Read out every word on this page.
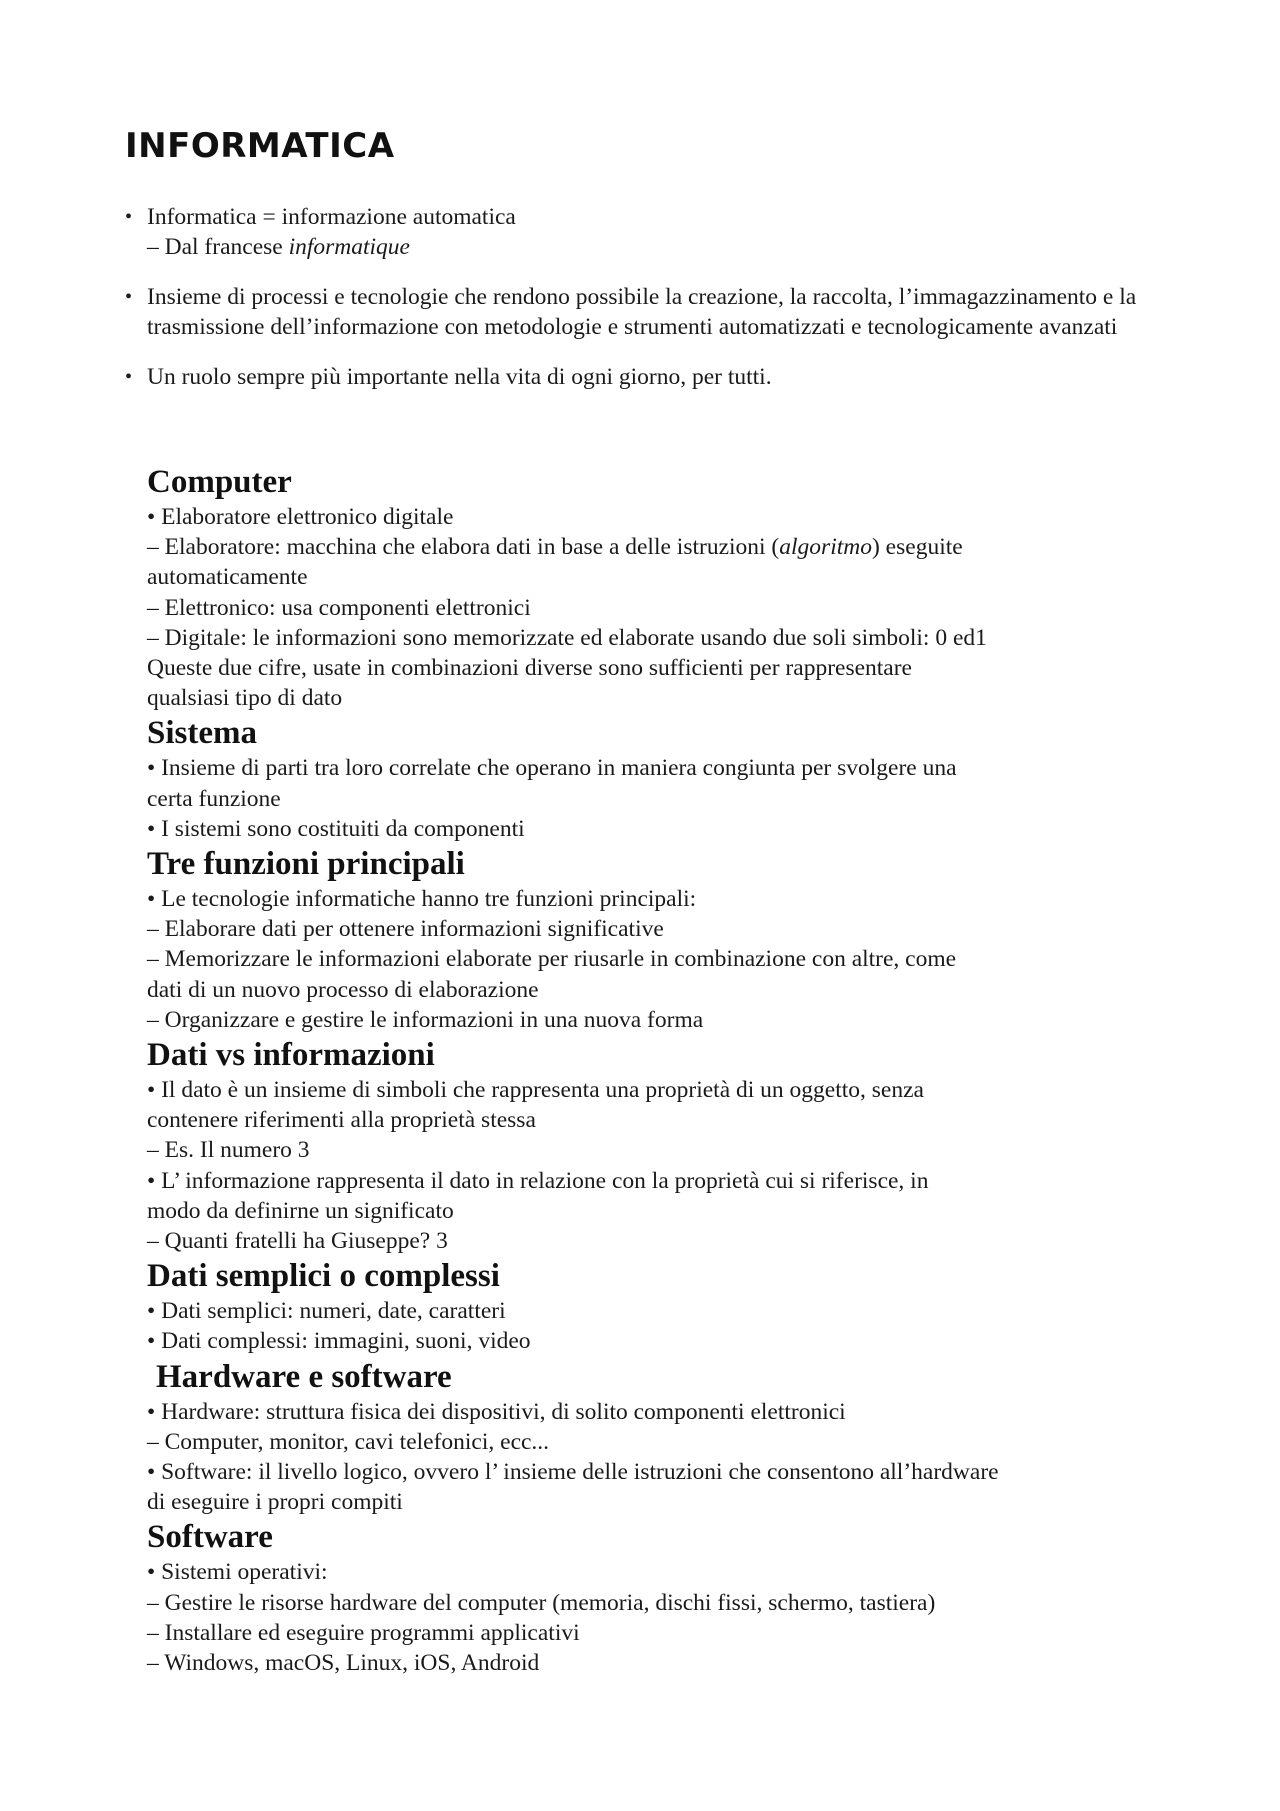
INFORMATICA
• Informatica = informazione automatica
– Dal francese informatique
• Insieme di processi e tecnologie che rendono possibile la creazione, la raccolta, l’immagazzinamento e la trasmissione dell’informazione con metodologie e strumenti automatizzati e tecnologicamente avanzati
• Un ruolo sempre più importante nella vita di ogni giorno, per tutti.
Computer
• Elaboratore elettronico digitale
– Elaboratore: macchina che elabora dati in base a delle istruzioni (algoritmo) eseguite
automaticamente
– Elettronico: usa componenti elettronici
– Digitale: le informazioni sono memorizzate ed elaborate usando due soli simboli: 0 ed1
Queste due cifre, usate in combinazioni diverse sono sufficienti per rappresentare
qualsiasi tipo di dato
Sistema
• Insieme di parti tra loro correlate che operano in maniera congiunta per svolgere una
certa funzione
• I sistemi sono costituiti da componenti
Tre funzioni principali
• Le tecnologie informatiche hanno tre funzioni principali:
– Elaborare dati per ottenere informazioni significative
– Memorizzare le informazioni elaborate per riusarle in combinazione con altre, come
dati di un nuovo processo di elaborazione
– Organizzare e gestire le informazioni in una nuova forma
Dati vs informazioni
• Il dato è un insieme di simboli che rappresenta una proprietà di un oggetto, senza
contenere riferimenti alla proprietà stessa
– Es. Il numero 3
• L’ informazione rappresenta il dato in relazione con la proprietà cui si riferisce, in
modo da definirne un significato
– Quanti fratelli ha Giuseppe? 3
Dati semplici o complessi
• Dati semplici: numeri, date, caratteri
• Dati complessi: immagini, suoni, video
Hardware e software
• Hardware: struttura fisica dei dispositivi, di solito componenti elettronici
– Computer, monitor, cavi telefonici, ecc...
• Software: il livello logico, ovvero l’ insieme delle istruzioni che consentono all’hardware
di eseguire i propri compiti
Software
• Sistemi operativi:
– Gestire le risorse hardware del computer (memoria, dischi fissi, schermo, tastiera)
– Installare ed eseguire programmi applicativi
– Windows, macOS, Linux, iOS, Android
